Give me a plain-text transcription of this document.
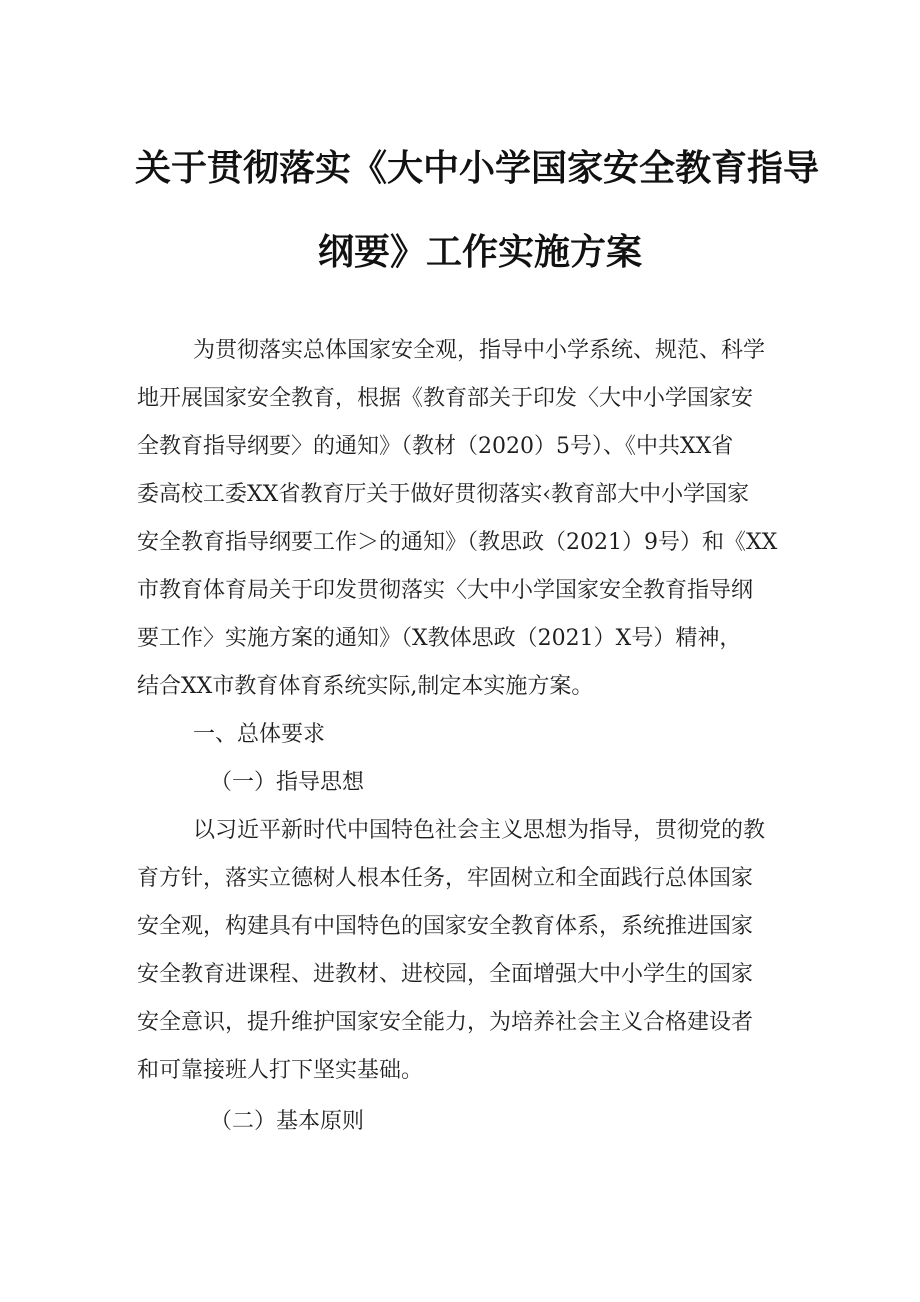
关于贯彻落实《大中小学国家安全教育指导
纲要》工作实施方案
为贯彻落实总体国家安全观，指导中小学系统、规范、科学
地开展国家安全教育，根据《教育部关于印发〈大中小学国家安
全教育指导纲要〉的通知》（教材（2020）5号）、《中共XX省
委高校工委XX省教育厅关于做好贯彻落实‹教育部大中小学国家
安全教育指导纲要工作＞的通知》（教思政（2021）9号）和《XX
市教育体育局关于印发贯彻落实〈大中小学国家安全教育指导纲
要工作〉实施方案的通知》（X教体思政（2021）X号）精神，
结合XX市教育体育系统实际,制定本实施方案。
一、总体要求
（一）指导思想
以习近平新时代中国特色社会主义思想为指导，贯彻党的教
育方针，落实立德树人根本任务，牢固树立和全面践行总体国家
安全观，构建具有中国特色的国家安全教育体系，系统推进国家
安全教育进课程、进教材、进校园，全面增强大中小学生的国家
安全意识，提升维护国家安全能力，为培养社会主义合格建设者
和可靠接班人打下坚实基础。
（二）基本原则
